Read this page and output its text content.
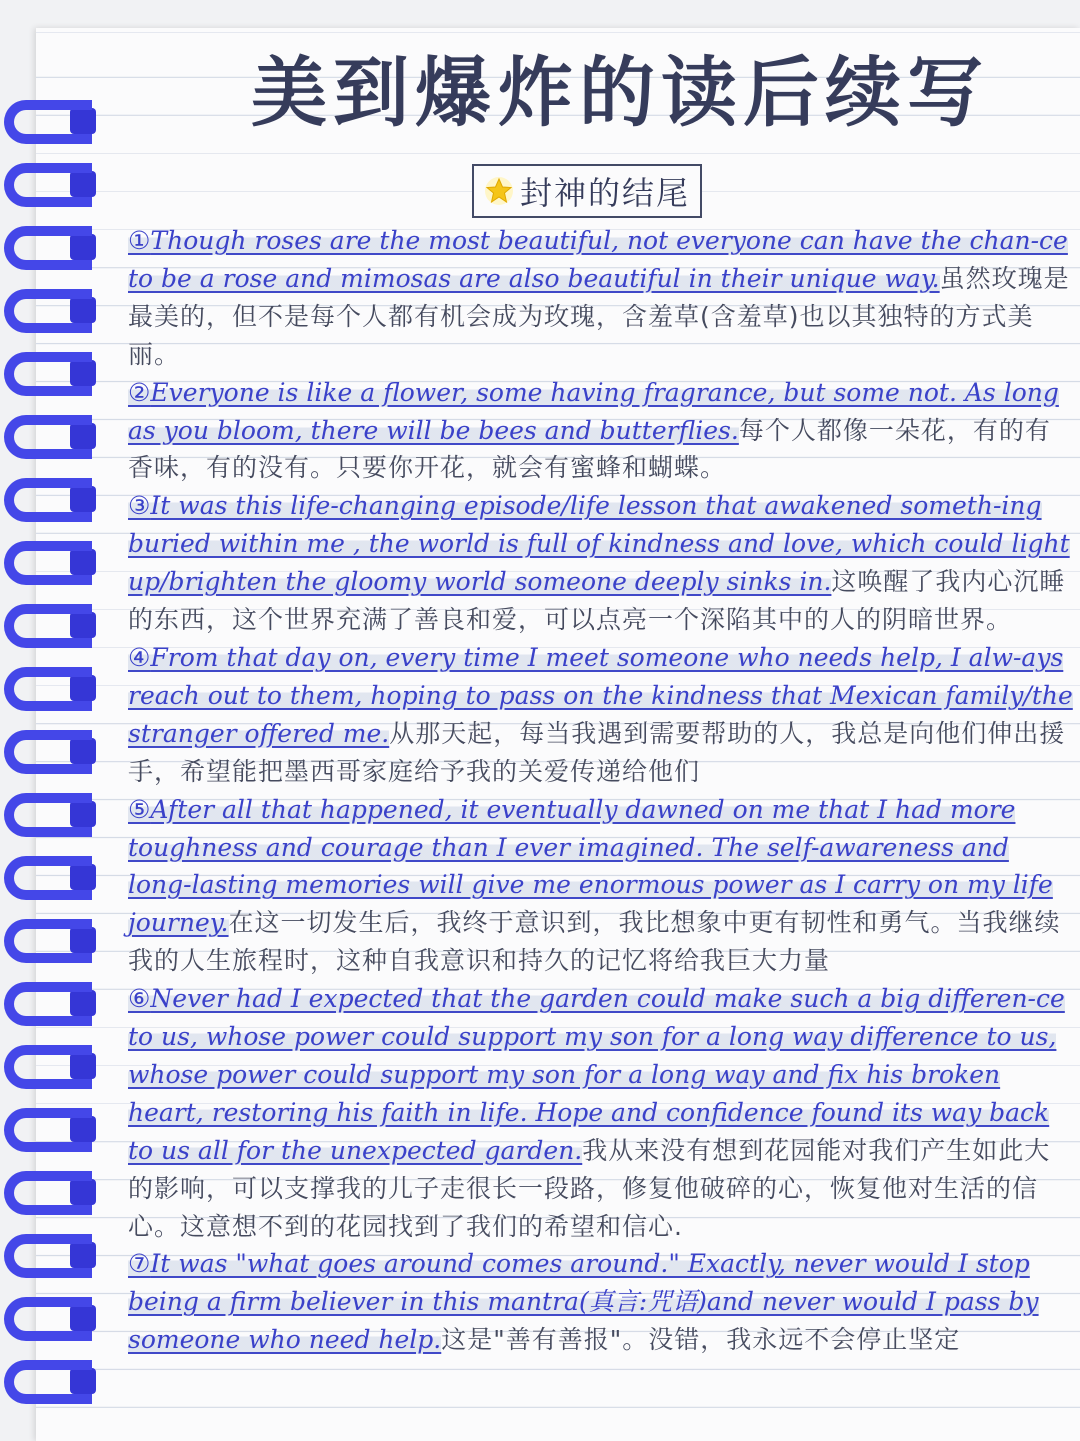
美到爆炸的读后续写
封神的结尾

①Though roses are the most beautiful, not everyone can have the chan-ce to be a rose and mimosas are also beautiful in their unique way.虽然玫瑰是最美的，但不是每个人都有机会成为玫瑰，含羞草(含羞草)也以其独特的方式美丽。

②Everyone is like a flower, some having fragrance, but some not. As long as you bloom, there will be bees and butterflies.每个人都像一朵花，有的有香味，有的没有。只要你开花，就会有蜜蜂和蝴蝶。

③It was this life-changing episode/life lesson that awakened someth-ing buried within me , the world is full of kindness and love, which could light up/brighten the gloomy world someone deeply sinks in.这唤醒了我内心沉睡的东西，这个世界充满了善良和爱，可以点亮一个深陷其中的人的阴暗世界。

④From that day on, every time I meet someone who needs help, I alw-ays reach out to them, hoping to pass on the kindness that Mexican family/the stranger offered me.从那天起，每当我遇到需要帮助的人，我总是向他们伸出援手，希望能把墨西哥家庭给予我的关爱传递给他们

⑤After all that happened, it eventually dawned on me that I had more toughness and courage than I ever imagined. The self-awareness and long-lasting memories will give me enormous power as I carry on my life journey.在这一切发生后，我终于意识到，我比想象中更有韧性和勇气。当我继续我的人生旅程时，这种自我意识和持久的记忆将给我巨大力量

⑥Never had I expected that the garden could make such a big differen-ce to us, whose power could support my son for a long way difference to us, whose power could support my son for a long way and fix his broken heart, restoring his faith in life. Hope and confidence found its way back to us all for the unexpected garden.我从来没有想到花园能对我们产生如此大的影响，可以支撑我的儿子走很长一段路，修复他破碎的心，恢复他对生活的信心。这意想不到的花园找到了我们的希望和信心.

⑦It was "what goes around comes around." Exactly, never would I stop being a firm believer in this mantra(真言:咒语)and never would I pass by someone who need help.这是"善有善报"。没错，我永远不会停止坚定
